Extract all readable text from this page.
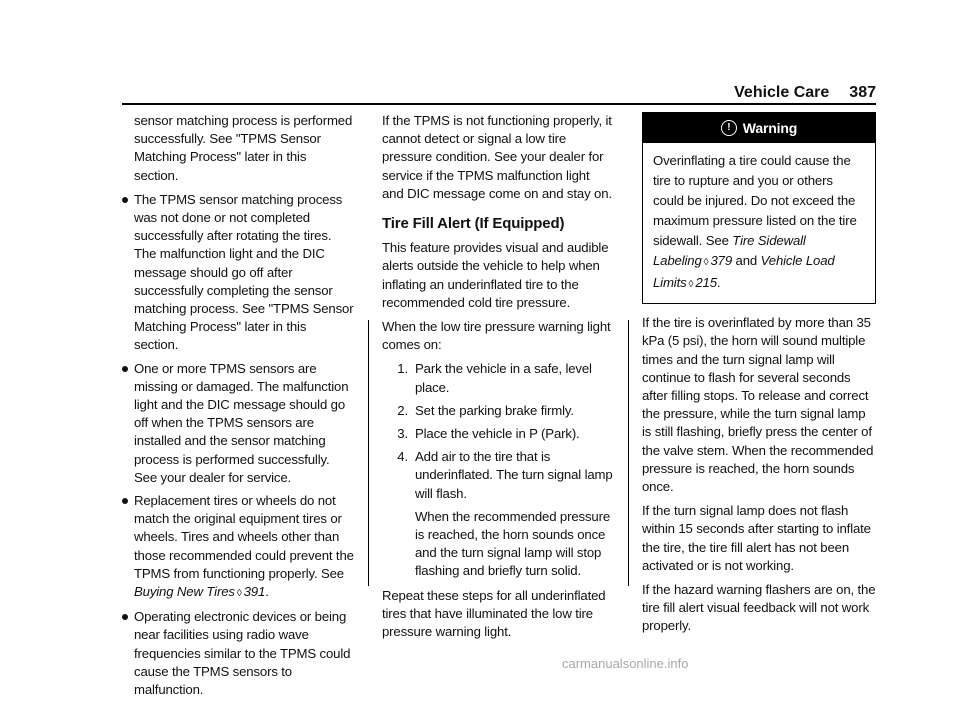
Vehicle Care 387

sensor matching process is performed successfully. See "TPMS Sensor Matching Process" later in this section.

The TPMS sensor matching process was not done or not completed successfully after rotating the tires. The malfunction light and the DIC message should go off after successfully completing the sensor matching process. See "TPMS Sensor Matching Process" later in this section.
One or more TPMS sensors are missing or damaged. The malfunction light and the DIC message should go off when the TPMS sensors are installed and the sensor matching process is performed successfully. See your dealer for service.
Replacement tires or wheels do not match the original equipment tires or wheels. Tires and wheels other than those recommended could prevent the TPMS from functioning properly. See Buying New Tires ◊ 391.
Operating electronic devices or being near facilities using radio wave frequencies similar to the TPMS could cause the TPMS sensors to malfunction.

If the TPMS is not functioning properly, it cannot detect or signal a low tire pressure condition. See your dealer for service if the TPMS malfunction light and DIC message come on and stay on.

Tire Fill Alert (If Equipped)

This feature provides visual and audible alerts outside the vehicle to help when inflating an underinflated tire to the recommended cold tire pressure.

When the low tire pressure warning light comes on:

1. Park the vehicle in a safe, level place.
2. Set the parking brake firmly.
3. Place the vehicle in P (Park).
4. Add air to the tire that is underinflated. The turn signal lamp will flash.
When the recommended pressure is reached, the horn sounds once and the turn signal lamp will stop flashing and briefly turn solid.

Repeat these steps for all underinflated tires that have illuminated the low tire pressure warning light.

! Warning
Overinflating a tire could cause the tire to rupture and you or others could be injured. Do not exceed the maximum pressure listed on the tire sidewall. See Tire Sidewall Labeling ◊ 379 and Vehicle Load Limits ◊ 215.

If the tire is overinflated by more than 35 kPa (5 psi), the horn will sound multiple times and the turn signal lamp will continue to flash for several seconds after filling stops. To release and correct the pressure, while the turn signal lamp is still flashing, briefly press the center of the valve stem. When the recommended pressure is reached, the horn sounds once.

If the turn signal lamp does not flash within 15 seconds after starting to inflate the tire, the tire fill alert has not been activated or is not working.

If the hazard warning flashers are on, the tire fill alert visual feedback will not work properly.

carmanualsonline.info
